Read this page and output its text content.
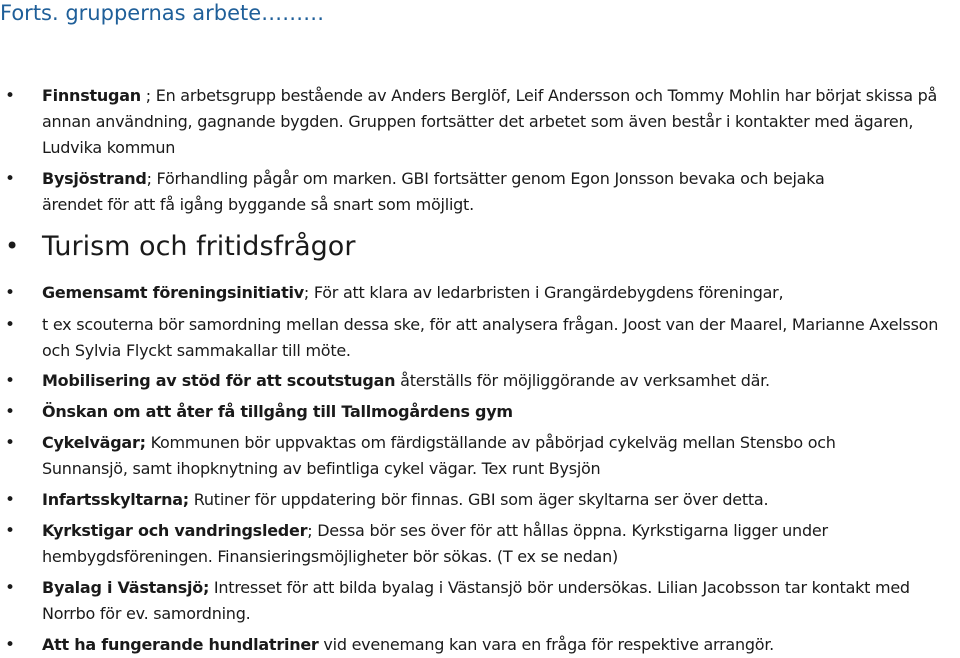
Forts. gruppernas arbete………
• Finnstugan ; En arbetsgrupp bestående av Anders Berglöf, Leif Andersson och Tommy Mohlin har börjat skissa på annan användning, gagnande bygden. Gruppen fortsätter det arbetet som även består i kontakter med ägaren, Ludvika kommun

• Bysjöstrand; Förhandling pågår om marken. GBI fortsätter genom Egon Jonsson bevaka och bejaka ärendet för att få igång byggande så snart som möjligt.

• Turism och fritidsfrågor

• Gemensamt föreningsinitiativ; För att klara av ledarbristen i Grangärdebygdens föreningar,

• t ex scouterna bör samordning mellan dessa ske, för att analysera frågan. Joost van der Maarel, Marianne Axelsson och Sylvia Flyckt sammakallar till möte.

• Mobilisering av stöd för att scoutstugan återställs för möjliggörande av verksamhet där.

• Önskan om att åter få tillgång till Tallmogårdens gym

• Cykelvägar; Kommunen bör uppvaktas om färdigställande av påbörjad cykelväg mellan Stensbo och Sunnansjö, samt ihopknytning av befintliga cykel vägar. Tex runt Bysjön

• Infartsskyltarna; Rutiner för uppdatering bör finnas. GBI som äger skyltarna ser över detta.

• Kyrkstigar och vandringsleder; Dessa bör ses över för att hållas öppna. Kyrkstigarna ligger under hembygdsföreningen. Finansieringsmöjligheter bör sökas. (T ex se nedan)

• Byalag i Västansjö; Intresset för att bilda byalag i Västansjö bör undersökas. Lilian Jacobsson tar kontakt med Norrbo för ev. samordning.

• Att ha fungerande hundlatriner vid evenemang kan vara en fråga för respektive arrangör.
